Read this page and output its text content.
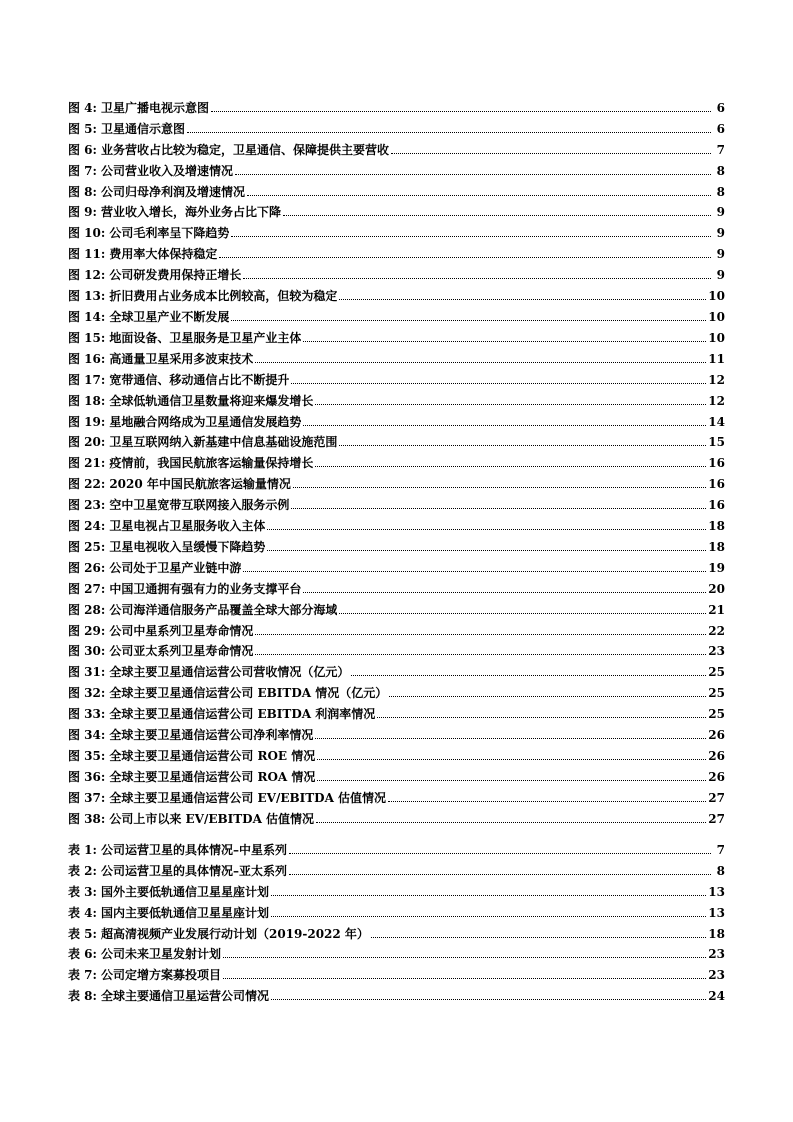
图 4: 卫星广播电视示意图	6
图 5: 卫星通信示意图	6
图 6: 业务营收占比较为稳定，卫星通信、保障提供主要营收	7
图 7: 公司营业收入及增速情况	8
图 8: 公司归母净利润及增速情况	8
图 9: 营业收入增长，海外业务占比下降	9
图 10: 公司毛利率呈下降趋势	9
图 11: 费用率大体保持稳定	9
图 12: 公司研发费用保持正增长	9
图 13: 折旧费用占业务成本比例较高，但较为稳定	10
图 14: 全球卫星产业不断发展	10
图 15: 地面设备、卫星服务是卫星产业主体	10
图 16: 高通量卫星采用多波束技术	11
图 17: 宽带通信、移动通信占比不断提升	12
图 18: 全球低轨通信卫星数量将迎来爆发增长	12
图 19: 星地融合网络成为卫星通信发展趋势	14
图 20: 卫星互联网纳入新基建中信息基础设施范围	15
图 21: 疫情前，我国民航旅客运输量保持增长	16
图 22: 2020 年中国民航旅客运输量情况	16
图 23: 空中卫星宽带互联网接入服务示例	16
图 24: 卫星电视占卫星服务收入主体	18
图 25: 卫星电视收入呈缓慢下降趋势	18
图 26: 公司处于卫星产业链中游	19
图 27: 中国卫通拥有强有力的业务支撑平台	20
图 28: 公司海洋通信服务产品覆盖全球大部分海域	21
图 29: 公司中星系列卫星寿命情况	22
图 30: 公司亚太系列卫星寿命情况	23
图 31: 全球主要卫星通信运营公司营收情况（亿元）	25
图 32: 全球主要卫星通信运营公司 EBITDA 情况（亿元）	25
图 33: 全球主要卫星通信运营公司 EBITDA 利润率情况	25
图 34: 全球主要卫星通信运营公司净利率情况	26
图 35: 全球主要卫星通信运营公司 ROE 情况	26
图 36: 全球主要卫星通信运营公司 ROA 情况	26
图 37: 全球主要卫星通信运营公司 EV/EBITDA 估值情况	27
图 38: 公司上市以来 EV/EBITDA 估值情况	27
表 1: 公司运营卫星的具体情况–中星系列	7
表 2: 公司运营卫星的具体情况–亚太系列	8
表 3: 国外主要低轨通信卫星星座计划	13
表 4: 国内主要低轨通信卫星星座计划	13
表 5: 超高清视频产业发展行动计划（2019-2022 年）	18
表 6: 公司未来卫星发射计划	23
表 7: 公司定增方案募投项目	23
表 8: 全球主要通信卫星运营公司情况	24
